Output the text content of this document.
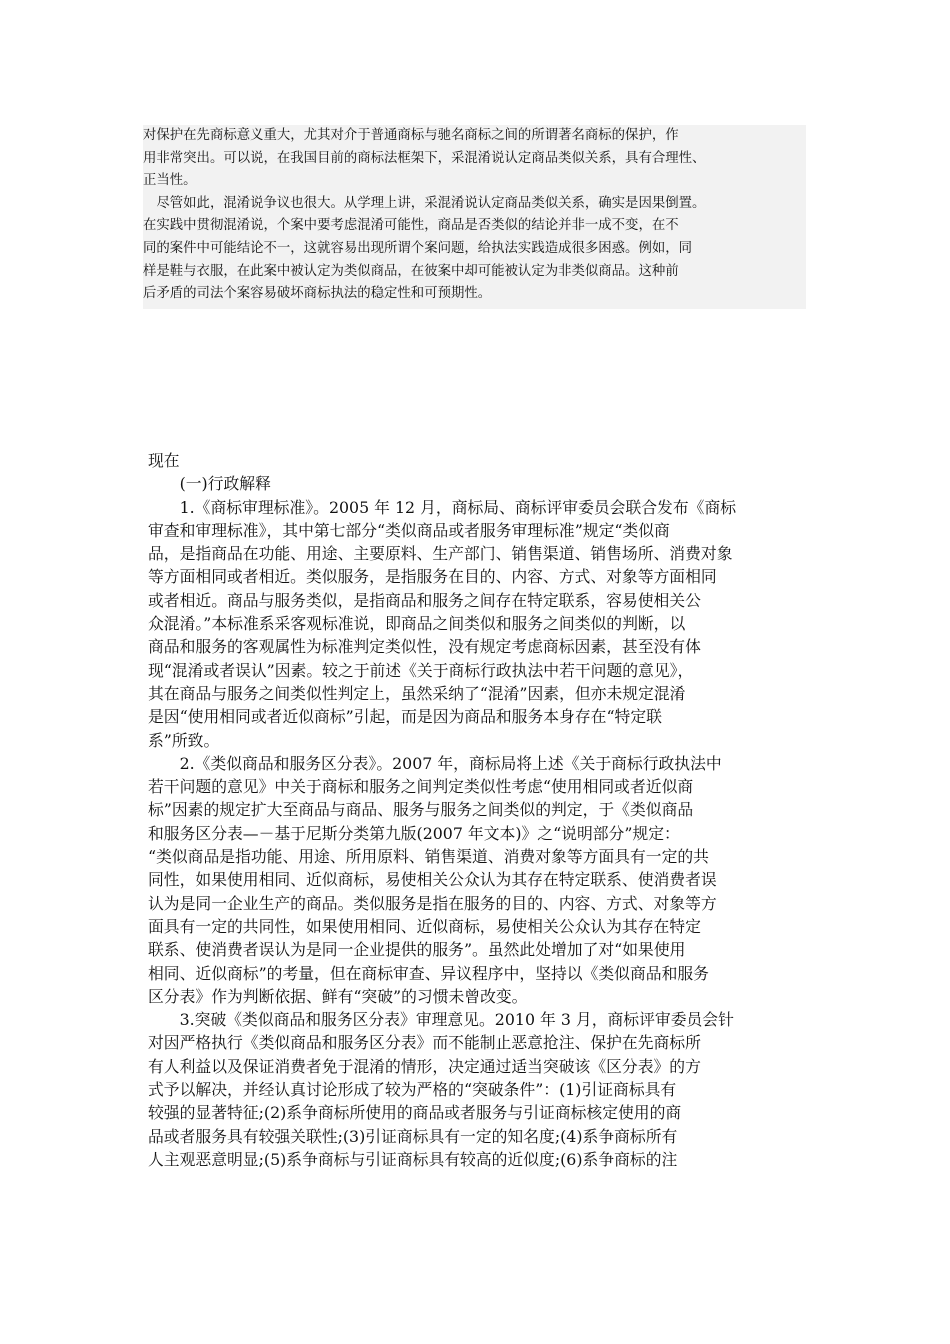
对保护在先商标意义重大，尤其对介于普通商标与驰名商标之间的所谓著名商标的保护，作
用非常突出。可以说，在我国目前的商标法框架下，采混淆说认定商品类似关系，具有合理性、
正当性。

　尽管如此，混淆说争议也很大。从学理上讲，采混淆说认定商品类似关系，确实是因果倒置。
在实践中贯彻混淆说，个案中要考虑混淆可能性，商品是否类似的结论并非一成不变，在不
同的案件中可能结论不一，这就容易出现所谓个案问题，给执法实践造成很多困惑。例如，同
样是鞋与衣服，在此案中被认定为类似商品，在彼案中却可能被认定为非类似商品。这种前
后矛盾的司法个案容易破坏商标执法的稳定性和可预期性。

现在
　　(一)行政解释
　　1.《商标审理标准》。2005 年 12 月，商标局、商标评审委员会联合发布《商标
审查和审理标准》，其中第七部分“类似商品或者服务审理标准”规定“类似商
品，是指商品在功能、用途、主要原料、生产部门、销售渠道、销售场所、消费对象
等方面相同或者相近。类似服务，是指服务在目的、内容、方式、对象等方面相同
或者相近。商品与服务类似，是指商品和服务之间存在特定联系，容易使相关公
众混淆。”本标准系采客观标准说，即商品之间类似和服务之间类似的判断，以
商品和服务的客观属性为标准判定类似性，没有规定考虑商标因素，甚至没有体
现“混淆或者误认”因素。较之于前述《关于商标行政执法中若干问题的意见》，
其在商品与服务之间类似性判定上，虽然采纳了“混淆”因素，但亦未规定混淆
是因“使用相同或者近似商标”引起，而是因为商品和服务本身存在“特定联
系”所致。
　　2.《类似商品和服务区分表》。2007 年，商标局将上述《关于商标行政执法中
若干问题的意见》中关于商标和服务之间判定类似性考虑“使用相同或者近似商
标”因素的规定扩大至商品与商品、服务与服务之间类似的判定，于《类似商品
和服务区分表—－基于尼斯分类第九版(2007 年文本)》之“说明部分”规定：
“类似商品是指功能、用途、所用原料、销售渠道、消费对象等方面具有一定的共
同性，如果使用相同、近似商标，易使相关公众认为其存在特定联系、使消费者误
认为是同一企业生产的商品。类似服务是指在服务的目的、内容、方式、对象等方
面具有一定的共同性，如果使用相同、近似商标，易使相关公众认为其存在特定
联系、使消费者误认为是同一企业提供的服务”。虽然此处增加了对“如果使用
相同、近似商标”的考量，但在商标审查、异议程序中，坚持以《类似商品和服务
区分表》作为判断依据、鲜有“突破”的习惯未曾改变。
　　3.突破《类似商品和服务区分表》审理意见。2010 年 3 月，商标评审委员会针
对因严格执行《类似商品和服务区分表》而不能制止恶意抢注、保护在先商标所
有人利益以及保证消费者免于混淆的情形，决定通过适当突破该《区分表》的方
式予以解决，并经认真讨论形成了较为严格的“突破条件”：(1)引证商标具有
较强的显著特征;(2)系争商标所使用的商品或者服务与引证商标核定使用的商
品或者服务具有较强关联性;(3)引证商标具有一定的知名度;(4)系争商标所有
人主观恶意明显;(5)系争商标与引证商标具有较高的近似度;(6)系争商标的注
